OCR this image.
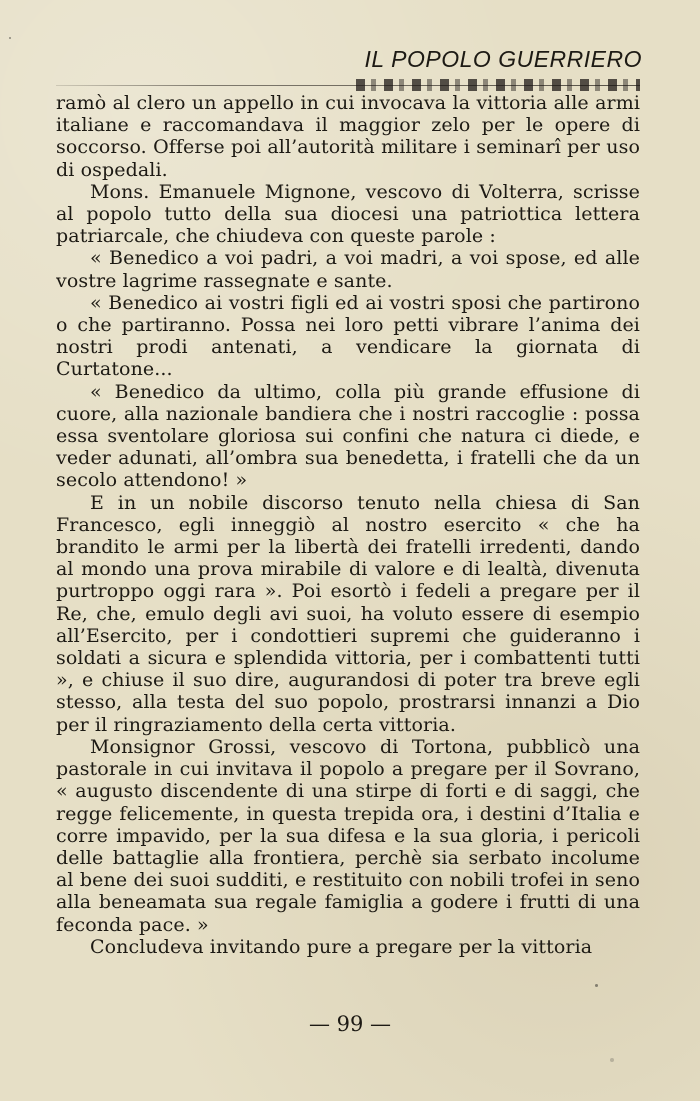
IL POPOLO GUERRIERO

ramò al clero un appello in cui invocava la vittoria alle armi italiane e raccomandava il maggior zelo per le opere di soccorso. Offerse poi all’autorità militare i seminarî per uso di ospedali.

Mons. Emanuele Mignone, vescovo di Volterra, scrisse al popolo tutto della sua diocesi una patriottica lettera patriarcale, che chiudeva con queste parole :

« Benedico a voi padri, a voi madri, a voi spose, ed alle vostre lagrime rassegnate e sante.

« Benedico ai vostri figli ed ai vostri sposi che partirono o che partiranno. Possa nei loro petti vibrare l’anima dei nostri prodi antenati, a vendicare la giornata di Curtatone...

« Benedico da ultimo, colla più grande effusione di cuore, alla nazionale bandiera che i nostri raccoglie : possa essa sventolare gloriosa sui confini che natura ci diede, e veder adunati, all’ombra sua benedetta, i fratelli che da un secolo attendono! »

E in un nobile discorso tenuto nella chiesa di San Francesco, egli inneggiò al nostro esercito « che ha brandito le armi per la libertà dei fratelli irredenti, dando al mondo una prova mirabile di valore e di lealtà, divenuta purtroppo oggi rara ». Poi esortò i fedeli a pregare per il Re, che, emulo degli avi suoi, ha voluto essere di esempio all’Esercito, per i condottieri supremi che guideranno i soldati a sicura e splendida vittoria, per i combattenti tutti », e chiuse il suo dire, augurandosi di poter tra breve egli stesso, alla testa del suo popolo, prostrarsi innanzi a Dio per il ringraziamento della certa vittoria.

Monsignor Grossi, vescovo di Tortona, pubblicò una pastorale in cui invitava il popolo a pregare per il Sovrano, « augusto discendente di una stirpe di forti e di saggi, che regge felicemente, in questa trepida ora, i destini d’Italia e corre impavido, per la sua difesa e la sua gloria, i pericoli delle battaglie alla frontiera, perchè sia serbato incolume al bene dei suoi sudditi, e restituito con nobili trofei in seno alla beneamata sua regale famiglia a godere i frutti di una feconda pace. »

Concludeva invitando pure a pregare per la vittoria

— 99 —
